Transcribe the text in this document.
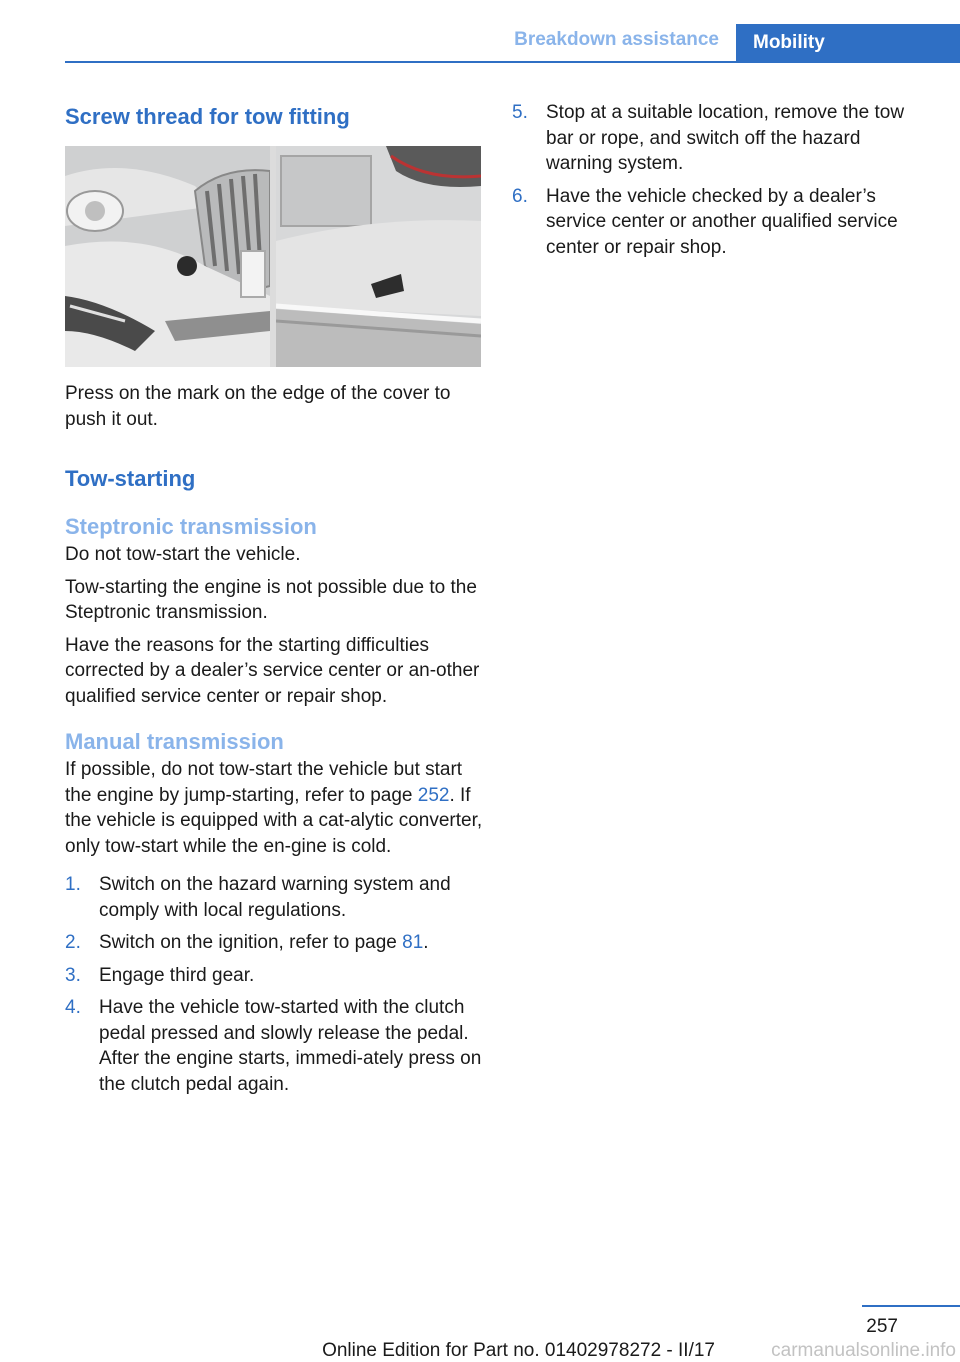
Breakdown assistance	Mobility
Screw thread for tow fitting

Press on the mark on the edge of the cover to push it out.

Tow-starting
Steptronic transmission

Do not tow-start the vehicle.

Tow-starting the engine is not possible due to the Steptronic transmission.

Have the reasons for the starting difficulties corrected by a dealer’s service center or an-other qualified service center or repair shop.

Manual transmission

If possible, do not tow-start the vehicle but start the engine by jump-starting, refer to page 252. If the vehicle is equipped with a cat-alytic converter, only tow-start while the en-gine is cold.

1. Switch on the hazard warning system and comply with local regulations.
2. Switch on the ignition, refer to page 81.
3. Engage third gear.
4. Have the vehicle tow-started with the clutch pedal pressed and slowly release the pedal. After the engine starts, immedi-ately press on the clutch pedal again.
5. Stop at a suitable location, remove the tow bar or rope, and switch off the hazard warning system.
6. Have the vehicle checked by a dealer’s service center or another qualified service center or repair shop.
257
Online Edition for Part no. 01402978272 - II/17	carmanualsonline.info
